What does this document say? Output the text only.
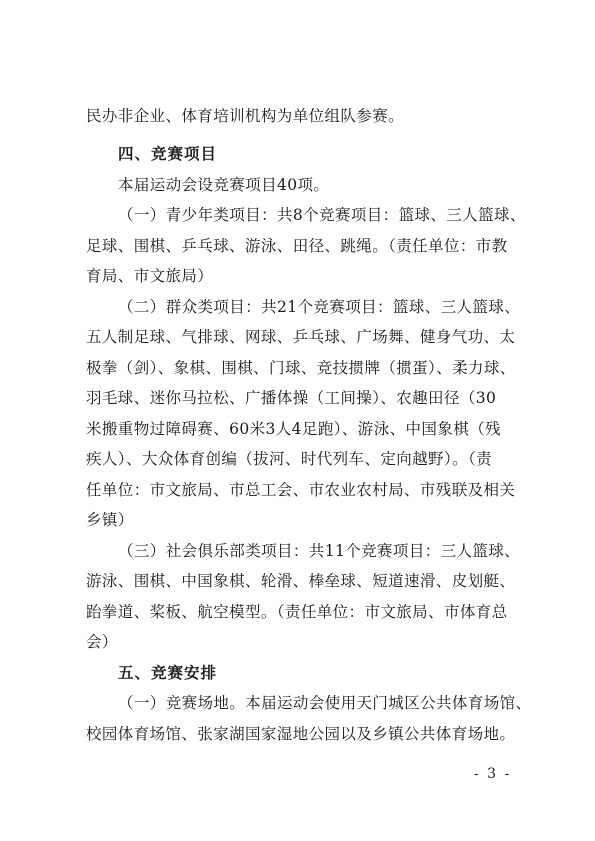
民办非企业、体育培训机构为单位组队参赛。
四、竞赛项目
本届运动会设竞赛项目40项。
（一）青少年类项目：共8个竞赛项目：篮球、三人篮球、
足球、围棋、乒乓球、游泳、田径、跳绳。（责任单位：市教
育局、市文旅局）
（二）群众类项目：共21个竞赛项目：篮球、三人篮球、
五人制足球、气排球、网球、乒乓球、广场舞、健身气功、太
极拳（剑）、象棋、围棋、门球、竞技掼牌（掼蛋）、柔力球、
羽毛球、迷你马拉松、广播体操（工间操）、农趣田径（30
米搬重物过障碍赛、60米3人4足跑）、游泳、中国象棋（残
疾人）、大众体育创编（拔河、时代列车、定向越野）。（责
任单位：市文旅局、市总工会、市农业农村局、市残联及相关
乡镇）
（三）社会俱乐部类项目：共11个竞赛项目：三人篮球、
游泳、围棋、中国象棋、轮滑、棒垒球、短道速滑、皮划艇、
跆拳道、桨板、航空模型。（责任单位：市文旅局、市体育总
会）
五、竞赛安排
（一）竞赛场地。本届运动会使用天门城区公共体育场馆、
校园体育场馆、张家湖国家湿地公园以及乡镇公共体育场地。
- 3 -
